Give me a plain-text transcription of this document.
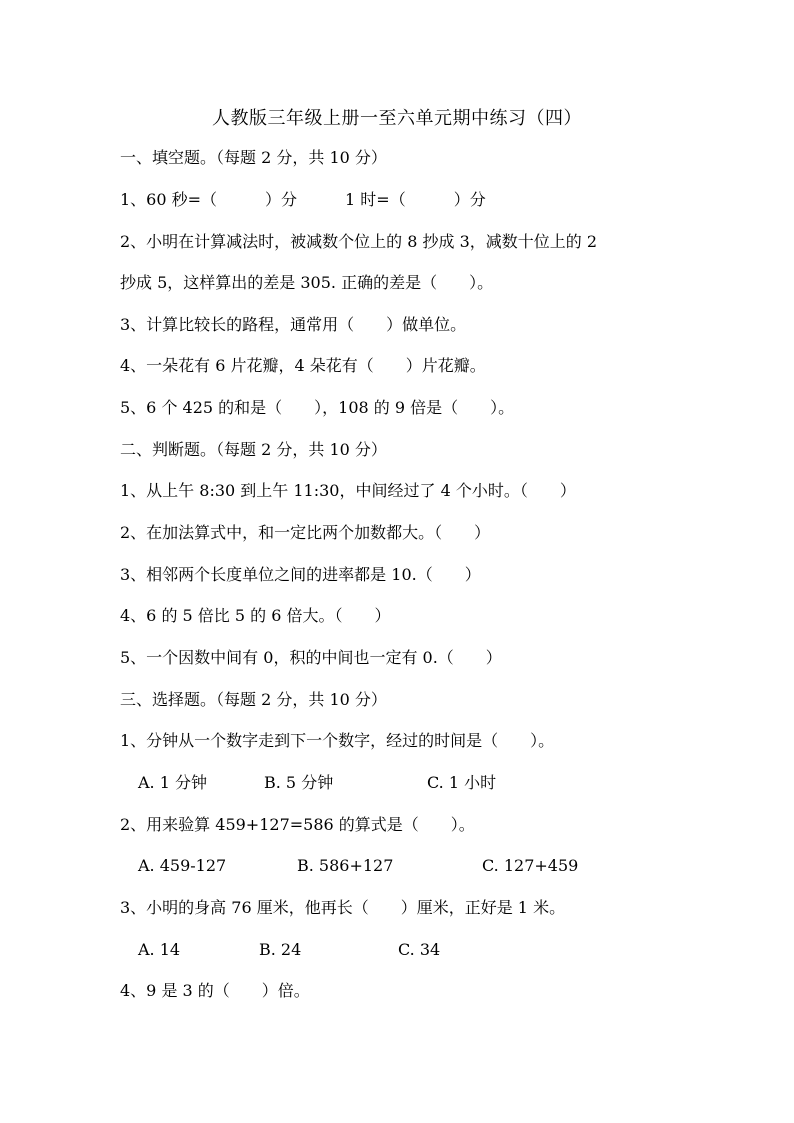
人教版三年级上册一至六单元期中练习（四）
一、填空题。（每题 2 分，共 10 分）
1、60 秒=（　　　）分　　　1 时=（　　　）分
2、小明在计算减法时，被减数个位上的 8 抄成 3，减数十位上的 2
抄成 5，这样算出的差是 305. 正确的差是（　　）。
3、计算比较长的路程，通常用（　　）做单位。
4、一朵花有 6 片花瓣，4 朵花有（　　）片花瓣。
5、6 个 425 的和是（　　），108 的 9 倍是（　　）。
二、判断题。（每题 2 分，共 10 分）
1、从上午 8:30 到上午 11:30，中间经过了 4 个小时。（　　）
2、在加法算式中，和一定比两个加数都大。（　　）
3、相邻两个长度单位之间的进率都是 10.（　　）
4、6 的 5 倍比 5 的 6 倍大。（　　）
5、一个因数中间有 0，积的中间也一定有 0.（　　）
三、选择题。（每题 2 分，共 10 分）
1、分钟从一个数字走到下一个数字，经过的时间是（　　）。
A. 1 分钟	B. 5 分钟	C. 1 小时
2、用来验算 459+127=586 的算式是（　　）。
A. 459-127	B. 586+127	C. 127+459
3、小明的身高 76 厘米，他再长（　　）厘米，正好是 1 米。
A. 14	B. 24	C. 34
4、9 是 3 的（　　）倍。
